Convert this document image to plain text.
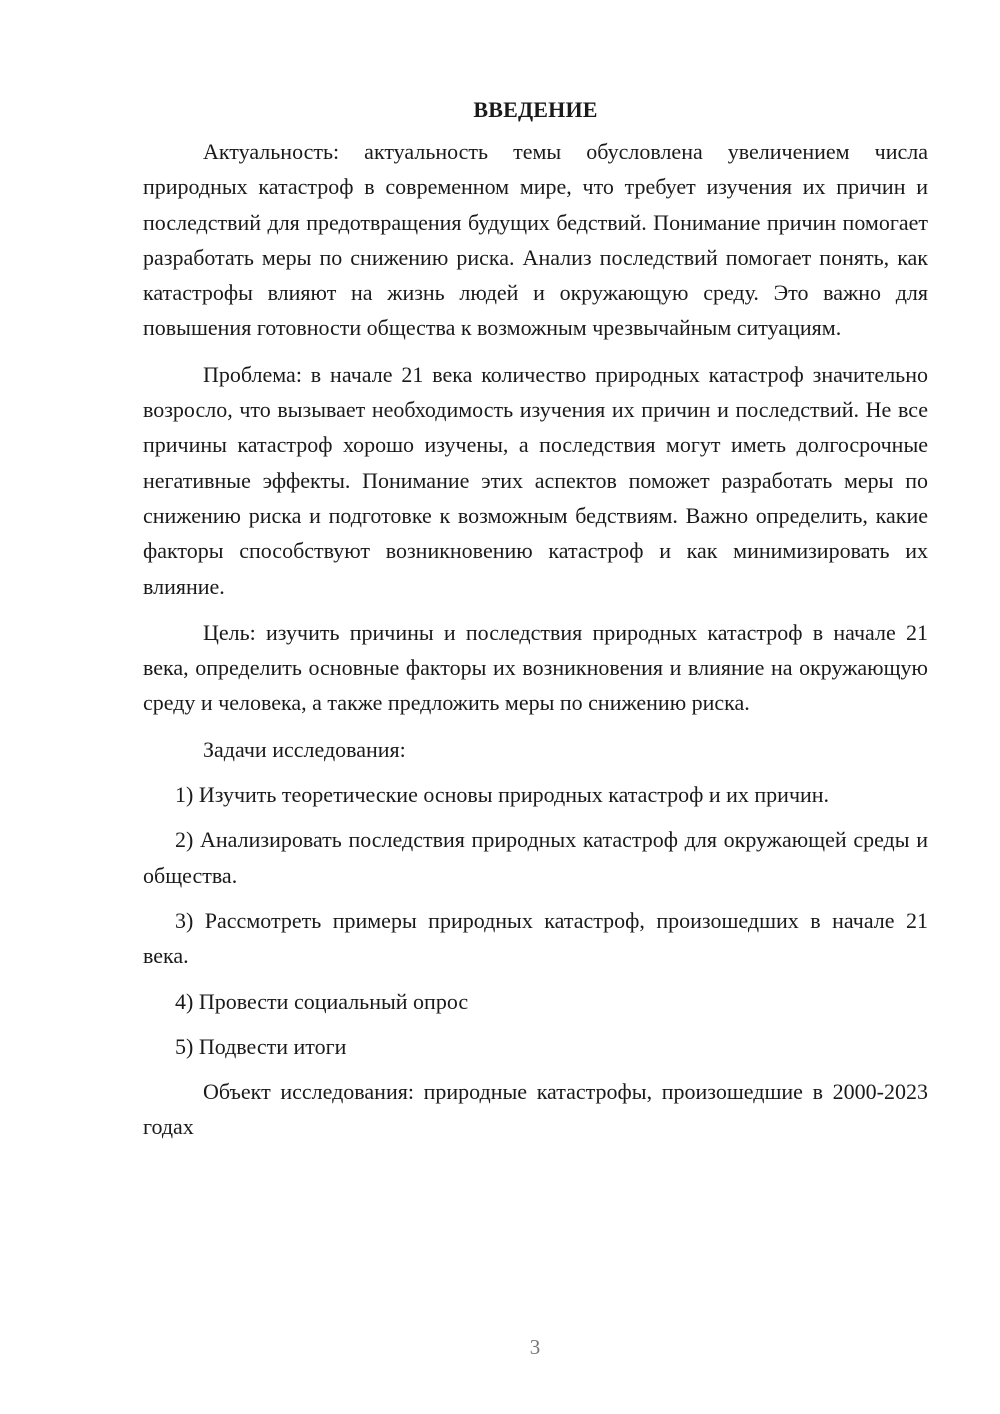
ВВЕДЕНИЕ

Актуальность: актуальность темы обусловлена увеличением числа природных катастроф в современном мире, что требует изучения их причин и последствий для предотвращения будущих бедствий. Понимание причин помогает разработать меры по снижению риска. Анализ последствий помогает понять, как катастрофы влияют на жизнь людей и окружающую среду. Это важно для повышения готовности общества к возможным чрезвычайным ситуациям.

Проблема: в начале 21 века количество природных катастроф значительно возросло, что вызывает необходимость изучения их причин и последствий. Не все причины катастроф хорошо изучены, а последствия могут иметь долгосрочные негативные эффекты. Понимание этих аспектов поможет разработать меры по снижению риска и подготовке к возможным бедствиям. Важно определить, какие факторы способствуют возникновению катастроф и как минимизировать их влияние.

Цель: изучить причины и последствия природных катастроф в начале 21 века, определить основные факторы их возникновения и влияние на окружающую среду и человека, а также предложить меры по снижению риска.

Задачи исследования:

1) Изучить теоретические основы природных катастроф и их причин.

2) Анализировать последствия природных катастроф для окружающей среды и общества.

3) Рассмотреть примеры природных катастроф, произошедших в начале 21 века.

4) Провести социальный опрос

5) Подвести итоги

Объект исследования: природные катастрофы, произошедшие в 2000-2023 годах

3
